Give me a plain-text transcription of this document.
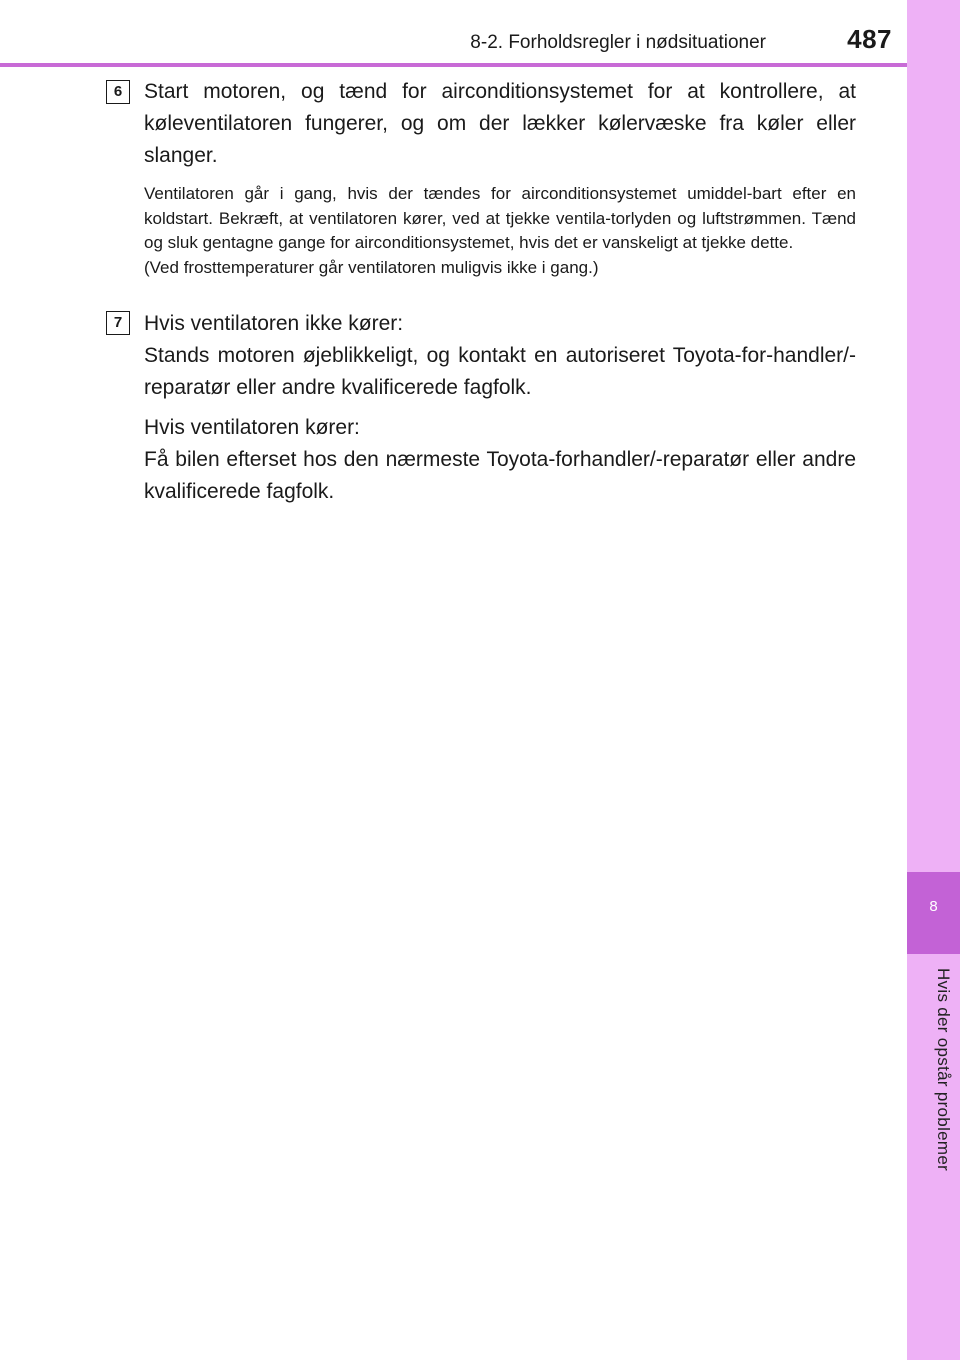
8-2. Forholdsregler i nødsituationer	487
8
Hvis der opstår problemer
6	Start motoren, og tænd for airconditionsystemet for at kontrollere, at køleventilatoren fungerer, og om der lækker kølervæske fra køler eller slanger.

Ventilatoren går i gang, hvis der tændes for airconditionsystemet umiddel-bart efter en koldstart. Bekræft, at ventilatoren kører, ved at tjekke ventila-torlyden og luftstrømmen. Tænd og sluk gentagne gange for airconditionsystemet, hvis det er vanskeligt at tjekke dette.

(Ved frosttemperaturer går ventilatoren muligvis ikke i gang.)

7	Hvis ventilatoren ikke kører:

Stands motoren øjeblikkeligt, og kontakt en autoriseret Toyota-for-handler/-reparatør eller andre kvalificerede fagfolk.

Hvis ventilatoren kører:

Få bilen efterset hos den nærmeste Toyota-forhandler/-reparatør eller andre kvalificerede fagfolk.
